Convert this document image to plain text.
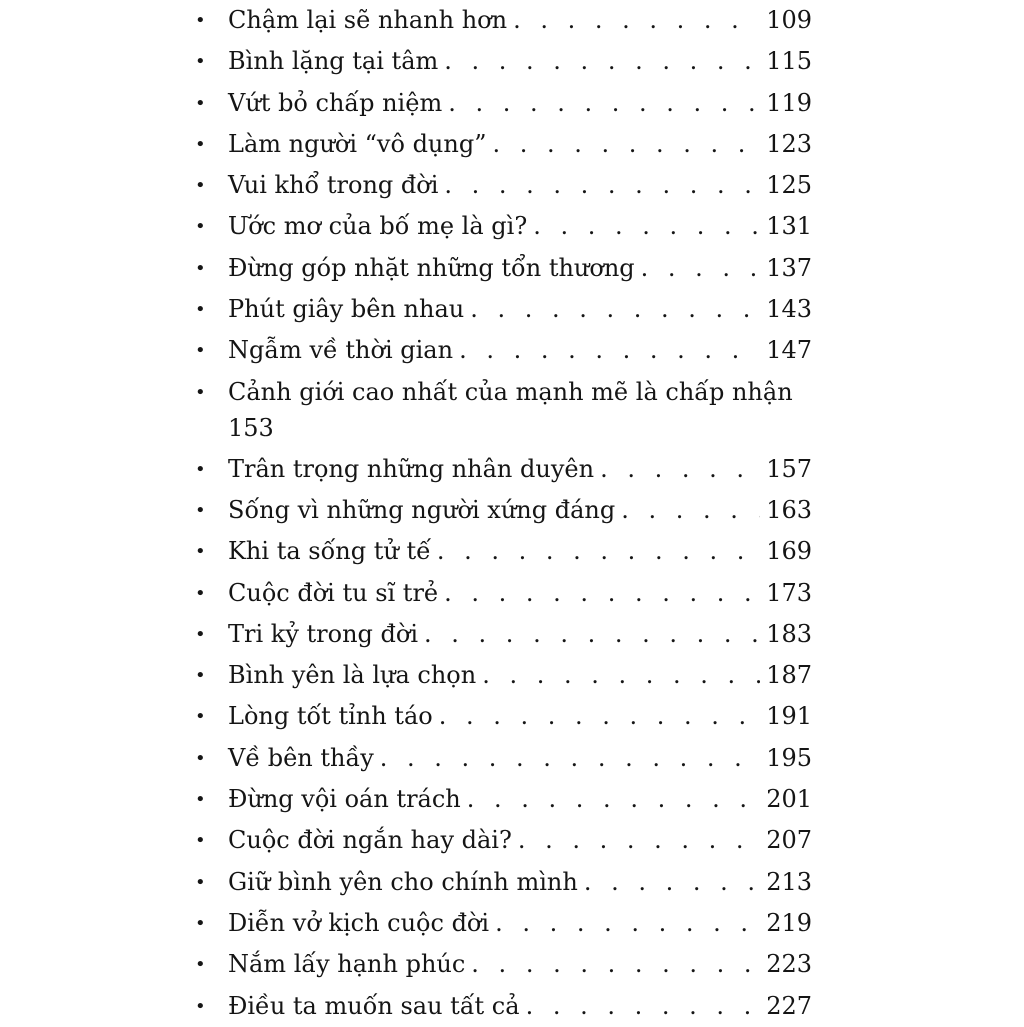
• Chậm lại sẽ nhanh hơn . . .	109
• Bình lặng tại tâm . . .	115
• Vứt bỏ chấp niệm . . .	119
• Làm người “vô dụng” . . .	123
• Vui khổ trong đời . . .	125
• Ước mơ của bố mẹ là gì? . . .	131
• Đừng góp nhặt những tổn thương . . .	137
• Phút giây bên nhau . . .	143
• Ngẫm về thời gian . . .	147
• Cảnh giới cao nhất của mạnh mẽ là chấp nhận
153
• Trân trọng những nhân duyên . . .	157
• Sống vì những người xứng đáng . . .	163
• Khi ta sống tử tế . . .	169
• Cuộc đời tu sĩ trẻ . . .	173
• Tri kỷ trong đời . . .	183
• Bình yên là lựa chọn . . .	187
• Lòng tốt tỉnh táo . . .	191
• Về bên thầy . . .	195
• Đừng vội oán trách . . .	201
• Cuộc đời ngắn hay dài? . . .	207
• Giữ bình yên cho chính mình . . .	213
• Diễn vở kịch cuộc đời . . .	219
• Nắm lấy hạnh phúc . . .	223
• Điều ta muốn sau tất cả . . .	227
